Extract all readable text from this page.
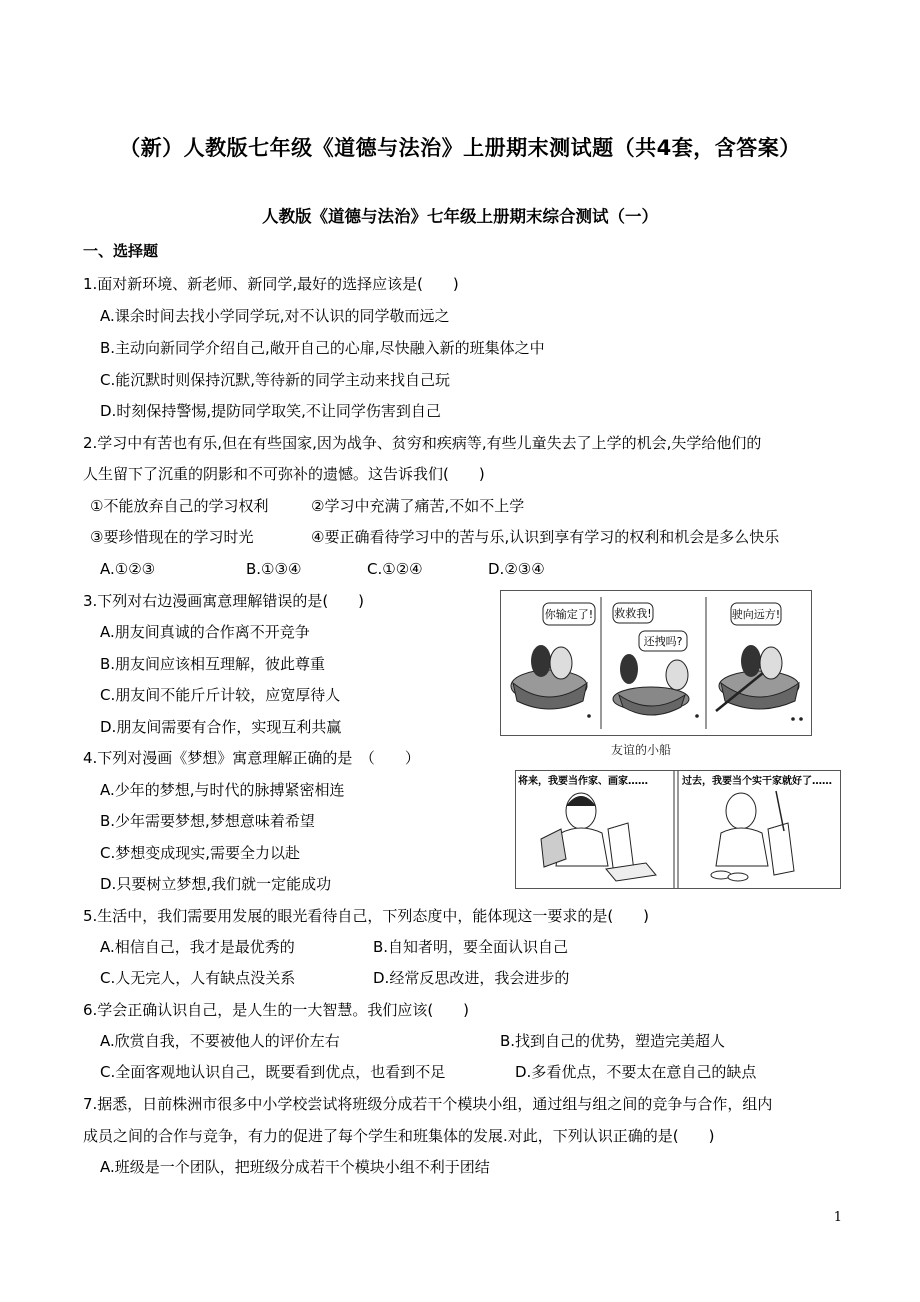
（新）人教版七年级《道德与法治》上册期末测试题（共4套，含答案）
人教版《道德与法治》七年级上册期末综合测试（一）
一、选择题
1.面对新环境、新老师、新同学,最好的选择应该是(　　)
A.课余时间去找小学同学玩,对不认识的同学敬而远之
B.主动向新同学介绍自己,敞开自己的心扉,尽快融入新的班集体之中
C.能沉默时则保持沉默,等待新的同学主动来找自己玩
D.时刻保持警惕,提防同学取笑,不让同学伤害到自己
2.学习中有苦也有乐,但在有些国家,因为战争、贫穷和疾病等,有些儿童失去了上学的机会,失学给他们的
人生留下了沉重的阴影和不可弥补的遗憾。这告诉我们(　　)
①不能放弃自己的学习权利	②学习中充满了痛苦,不如不上学
③要珍惜现在的学习时光	④要正确看待学习中的苦与乐,认识到享有学习的权利和机会是多么快乐
A.①②③	B.①③④	C.①②④	D.②③④
3.下列对右边漫画寓意理解错误的是(　　)
A.朋友间真诚的合作离不开竞争
B.朋友间应该相互理解，彼此尊重
C.朋友间不能斤斤计较，应宽厚待人
D.朋友间需要有合作，实现互利共赢
你输定了! 救救我!
还拽吗?
驶向远方!
友谊的小船
4.下列对漫画《梦想》寓意理解正确的是　（　　）
A.少年的梦想,与时代的脉搏紧密相连
B.少年需要梦想,梦想意味着希望
C.梦想变成现实,需要全力以赴
D.只要树立梦想,我们就一定能成功
将来，我要当作家、画家……	过去，我要当个实干家就好了……
5.生活中，我们需要用发展的眼光看待自己，下列态度中，能体现这一要求的是(　　)
A.相信自己，我才是最优秀的	B.自知者明，要全面认识自己
C.人无完人，人有缺点没关系	D.经常反思改进，我会进步的
6.学会正确认识自己，是人生的一大智慧。我们应该(　　)
A.欣赏自我，不要被他人的评价左右	B.找到自己的优势，塑造完美超人
C.全面客观地认识自己，既要看到优点，也看到不足	D.多看优点，不要太在意自己的缺点
7.据悉，日前株洲市很多中小学校尝试将班级分成若干个模块小组，通过组与组之间的竞争与合作，组内
成员之间的合作与竞争，有力的促进了每个学生和班集体的发展.对此，下列认识正确的是(　　)
A.班级是一个团队，把班级分成若干个模块小组不利于团结
1
